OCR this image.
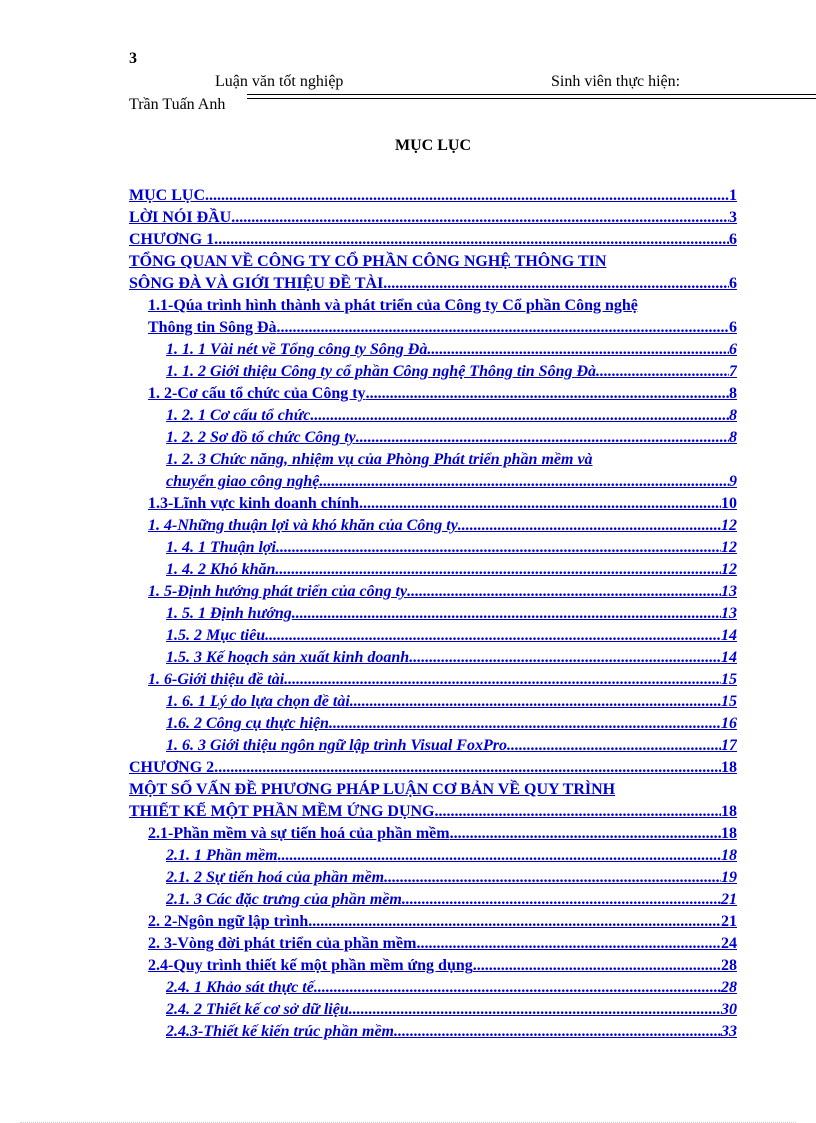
3
Luận văn tốt nghiệp	Sinh viên thực hiện:
Trần Tuấn Anh
MỤC LỤC
MỤC LỤC .....	1
LỜI NÓI ĐẦU .....	3
CHƯƠNG 1. .....	6
TỔNG QUAN VỀ CÔNG TY CỔ PHẦN CÔNG NGHỆ THÔNG TIN
SÔNG ĐÀ VÀ GIỚI THIỆU ĐỀ TÀI .....	6
1.1-Qúa trình hình thành và phát triển của Công ty Cổ phần Công nghệ
Thông tin Sông Đà .....	6
1. 1. 1 Vài nét về Tổng công ty Sông Đà .....	6
1. 1. 2 Giới thiệu Công ty cổ phần Công nghệ Thông tin Sông Đà .....	7
1. 2-Cơ cấu tổ chức của Công ty .....	8
1. 2. 1 Cơ cấu tổ chức .....	8
1. 2. 2 Sơ đồ tổ chức Công ty .....	8
1. 2. 3 Chức năng, nhiệm vụ của Phòng Phát triển phần mềm và
chuyển giao công nghệ .....	9
1.3-Lĩnh vực kinh doanh chính .....	10
1. 4-Những thuận lợi và khó khăn của Công ty .....	12
1. 4. 1 Thuận lợi .....	12
1. 4. 2 Khó khăn .....	12
1. 5-Định hướng phát triển của công ty .....	13
1. 5. 1 Định hướng .....	13
1.5. 2 Mục tiêu .....	14
1.5. 3 Kế hoạch sản xuất kinh doanh .....	14
1. 6-Giới thiệu đề tài .....	15
1. 6. 1 Lý do lựa chọn đề tài .....	15
1.6. 2 Công cụ thực hiện .....	16
1. 6. 3 Giới thiệu ngôn ngữ lập trình Visual FoxPro .....	17
CHƯƠNG 2. .....	18
MỘT SỐ VẤN ĐỀ PHƯƠNG PHÁP LUẬN CƠ BẢN VỀ QUY TRÌNH
THIẾT KẾ MỘT PHẦN MỀM ỨNG DỤNG .....	18
2.1-Phần mềm và sự tiến hoá của phần mềm .....	18
2.1. 1 Phần mềm .....	18
2.1. 2 Sự tiến hoá của phần mềm .....	19
2.1. 3 Các đặc trưng của phần mềm .....	21
2. 2-Ngôn ngữ lập trình .....	21
2. 3-Vòng đời phát triển của phần mềm .....	24
2.4-Quy trình thiết kế một phần mềm ứng dụng .....	28
2.4. 1 Khảo sát thực tế .....	28
2.4. 2 Thiết kế cơ sở dữ liệu .....	30
2.4.3-Thiết kế kiến trúc phần mềm .....	33
